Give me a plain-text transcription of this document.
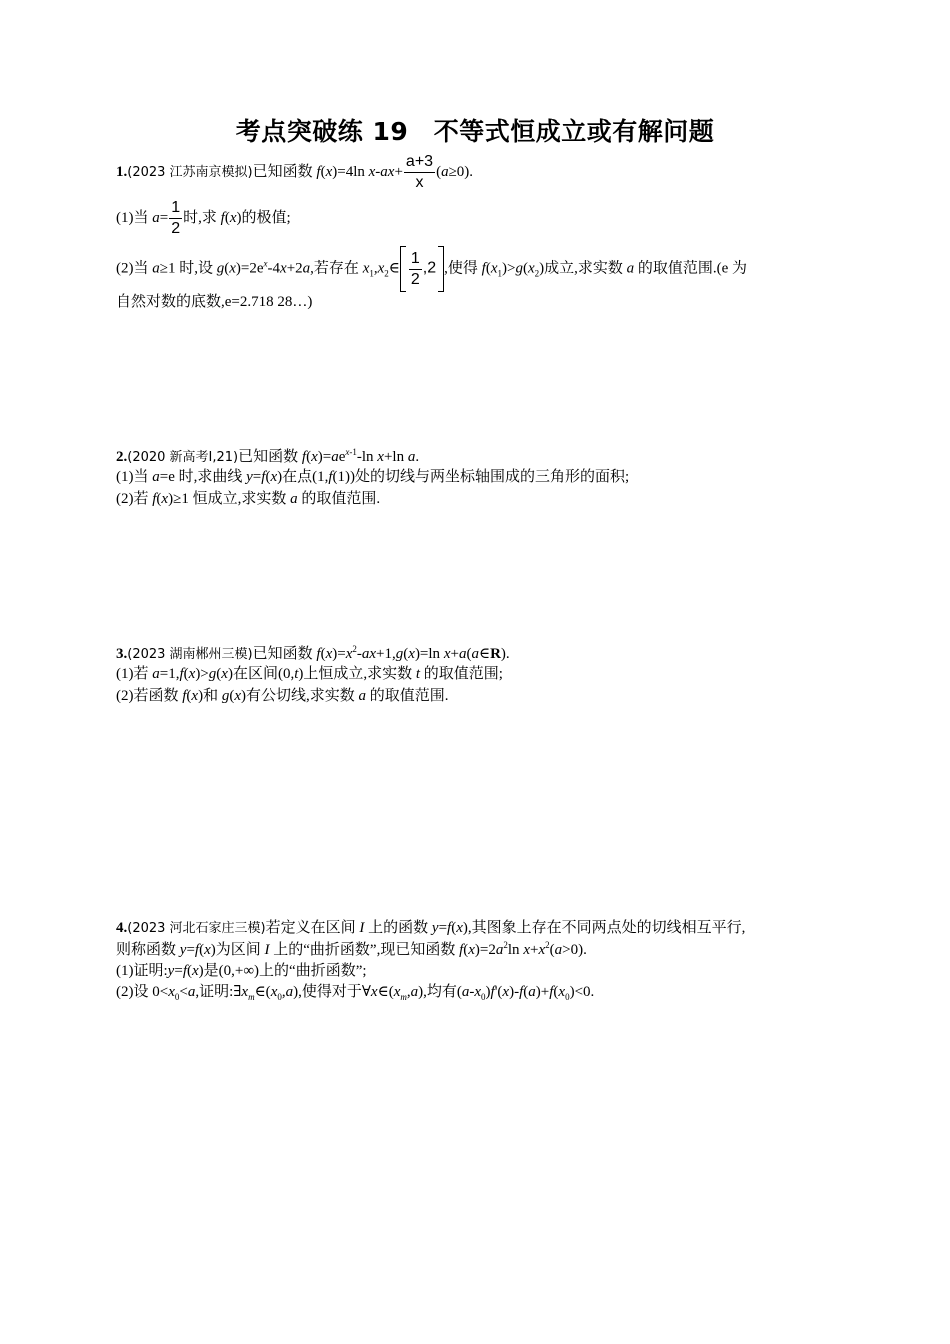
考点突破练 19　不等式恒成立或有解问题
1.(2023 江苏南京模拟)已知函数 f(x)=4ln $x-ax+ \frac{a+3}{x} (a\ge 0)$.
(1)当 $a= \frac{1}{2}$ 时,求 f(x)的极值;
(2)当 a≥1 时,设 $g(x)=2e^x-4x+2a$,若存在 $x_1,x_2\in \frac{1}{2} ,2$ ,使得 $f(x_1)>g(x_2)$成立,求实数 a 的取值范围.(e 为
自然对数的底数,e=2.718 28…)
2.(2020 新高考Ⅰ,21)已知函数 $f(x)=ae^{x-1}-\ln$ x+ln a.
(1)当 a=e 时,求曲线 y=f(x)在点(1,f(1))处的切线与两坐标轴围成的三角形的面积;
(2)若 f(x)≥1 恒成立,求实数 a 的取值范围.
3.(2023 湖南郴州三模)已知函数 $f(x)=x^2-ax+1,g(x)=\ln$ x+a(a∈R).
(1)若 a=1,f(x)>g(x)在区间(0,t)上恒成立,求实数 t 的取值范围;
(2)若函数 f(x)和 g(x)有公切线,求实数 a 的取值范围.
4.(2023 河北石家庄三模)若定义在区间 I 上的函数 y=f(x),其图象上存在不同两点处的切线相互平行,
则称函数 y=f(x)为区间 I 上的“曲折函数”,现已知函数 $f(x)=2a^2\ln$ $x+x^2(a>0)$.
(1)证明:y=f(x)是(0,+∞)上的“曲折函数”;
(2)设 $0<x_0<a$,证明$:\exists x_m\in(x_0,a)$,使得对于$\forall x\in(x_m,a)$,均有$(a-x_0)f'(x)-f(a)+f(x_0)<0$.
